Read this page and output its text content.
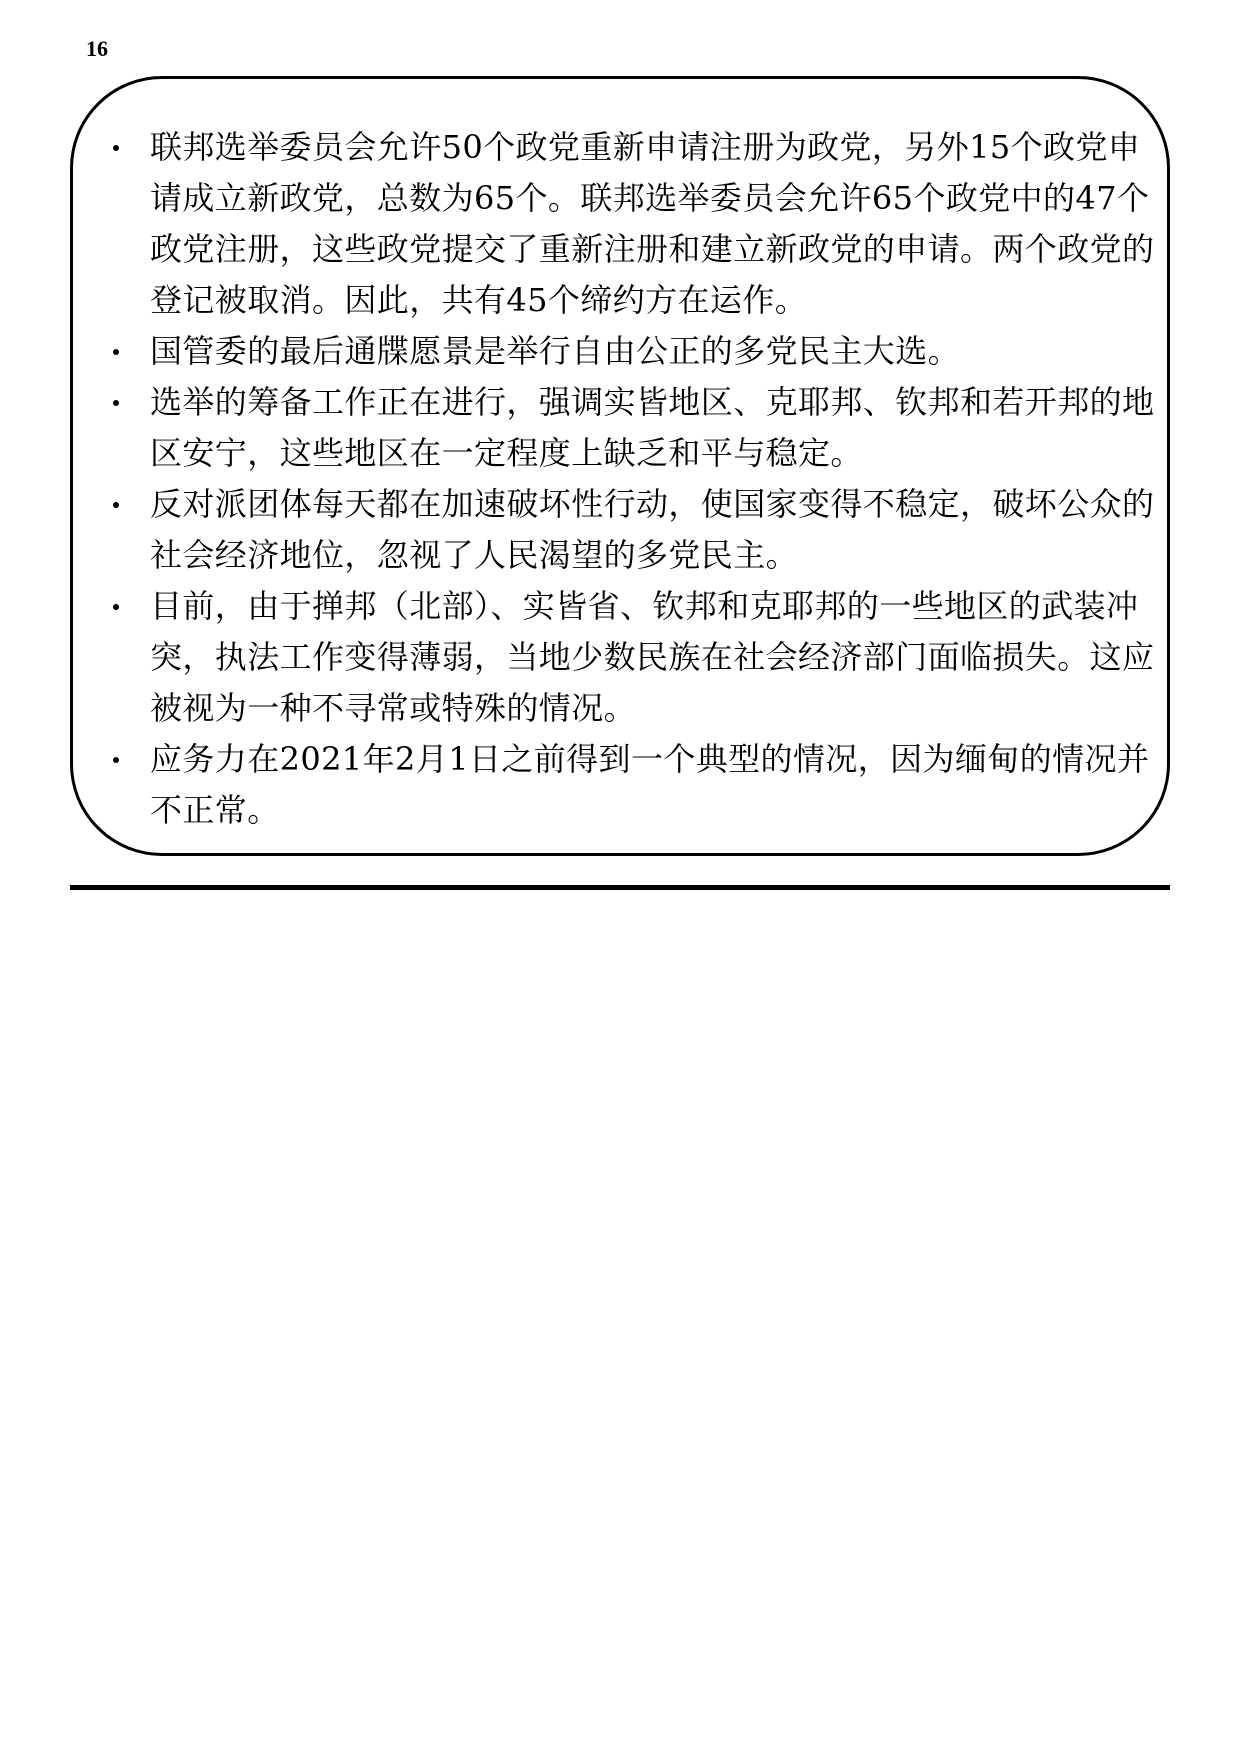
16
联邦选举委员会允许50个政党重新申请注册为政党，另外15个政党申请成立新政党，总数为65个。联邦选举委员会允许65个政党中的47个政党注册，这些政党提交了重新注册和建立新政党的申请。两个政党的登记被取消。因此，共有45个缔约方在运作。
国管委的最后通牒愿景是举行自由公正的多党民主大选。
选举的筹备工作正在进行，强调实皆地区、克耶邦、钦邦和若开邦的地区安宁，这些地区在一定程度上缺乏和平与稳定。
反对派团体每天都在加速破坏性行动，使国家变得不稳定，破坏公众的社会经济地位，忽视了人民渴望的多党民主。
目前，由于掸邦（北部）、实皆省、钦邦和克耶邦的一些地区的武装冲突，执法工作变得薄弱，当地少数民族在社会经济部门面临损失。这应被视为一种不寻常或特殊的情况。
应务力在2021年2月1日之前得到一个典型的情况，因为缅甸的情况并不正常。
